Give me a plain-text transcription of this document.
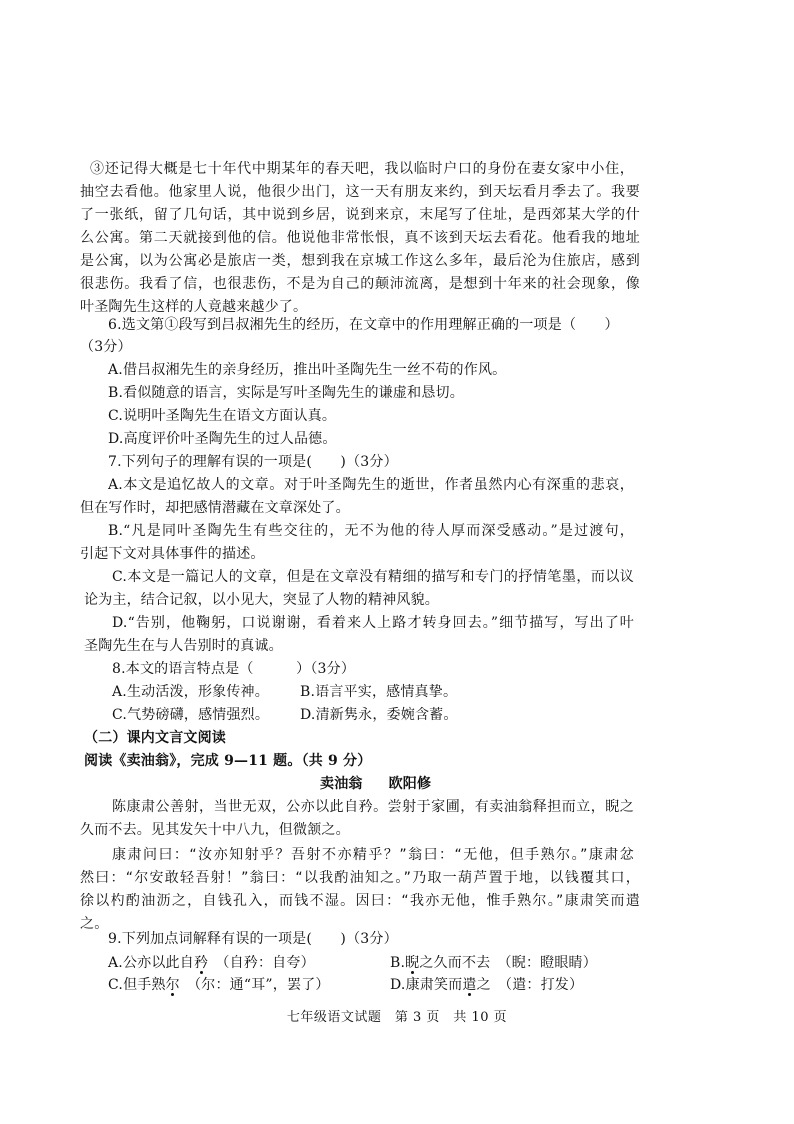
③还记得大概是七十年代中期某年的春天吧，我以临时户口的身份在妻女家中小住，
抽空去看他。他家里人说，他很少出门，这一天有朋友来约，到天坛看月季去了。我要
了一张纸，留了几句话，其中说到乡居，说到来京，末尾写了住址，是西郊某大学的什
么公寓。第二天就接到他的信。他说他非常怅恨，真不该到天坛去看花。他看我的地址
是公寓，以为公寓必是旅店一类，想到我在京城工作这么多年，最后沦为住旅店，感到
很悲伤。我看了信，也很悲伤，不是为自己的颠沛流离，是想到十年来的社会现象，像
叶圣陶先生这样的人竟越来越少了。
6.选文第①段写到吕叔湘先生的经历，在文章中的作用理解正确的一项是（　　）
（3分）
A.借吕叔湘先生的亲身经历，推出叶圣陶先生一丝不苟的作风。
B.看似随意的语言，实际是写叶圣陶先生的谦虚和恳切。
C.说明叶圣陶先生在语文方面认真。
D.高度评价叶圣陶先生的过人品德。
7.下列句子的理解有误的一项是(　　)（3分）
A.本文是追忆故人的文章。对于叶圣陶先生的逝世，作者虽然内心有深重的悲哀，
但在写作时，却把感情潜藏在文章深处了。
B.“凡是同叶圣陶先生有些交往的，无不为他的待人厚而深受感动。”是过渡句，
引起下文对具体事件的描述。
C.本文是一篇记人的文章，但是在文章没有精细的描写和专门的抒情笔墨，而以议
论为主，结合记叙，以小见大，突显了人物的精神风貌。
D.“告别，他鞠躬，口说谢谢，看着来人上路才转身回去。”细节描写，写出了叶
圣陶先生在与人告别时的真诚。
8.本文的语言特点是（　　　）（3分）
A.生动活泼，形象传神。	B.语言平实，感情真挚。
C.气势磅礴，感情强烈。	D.清新隽永，委婉含蓄。
（二）课内文言文阅读
阅读《卖油翁》，完成 9—11 题。（共 9 分）
卖油翁 欧阳修
陈康肃公善射，当世无双，公亦以此自矜。尝射于家圃，有卖油翁释担而立，睨之
久而不去。见其发矢十中八九，但微颔之。
康肃问曰：“汝亦知射乎？吾射不亦精乎？”翁曰：“无他，但手熟尔。”康肃忿
然曰：“尔安敢轻吾射！”翁曰：“以我酌油知之。”乃取一葫芦置于地，以钱覆其口，
徐以杓酌油沥之，自钱孔入，而钱不湿。因曰：“我亦无他，惟手熟尔。”康肃笑而遣
之。
9.下列加点词解释有误的一项是(　　)（3分）
A.公亦以此自矜　（自矜：自夸）	B.睨之久而不去　（睨：瞪眼睛）
C.但手熟尔　（尔：通“耳”，罢了）	D.康肃笑而遣之　（遣：打发）
七年级语文试题　第 3 页　共 10 页
